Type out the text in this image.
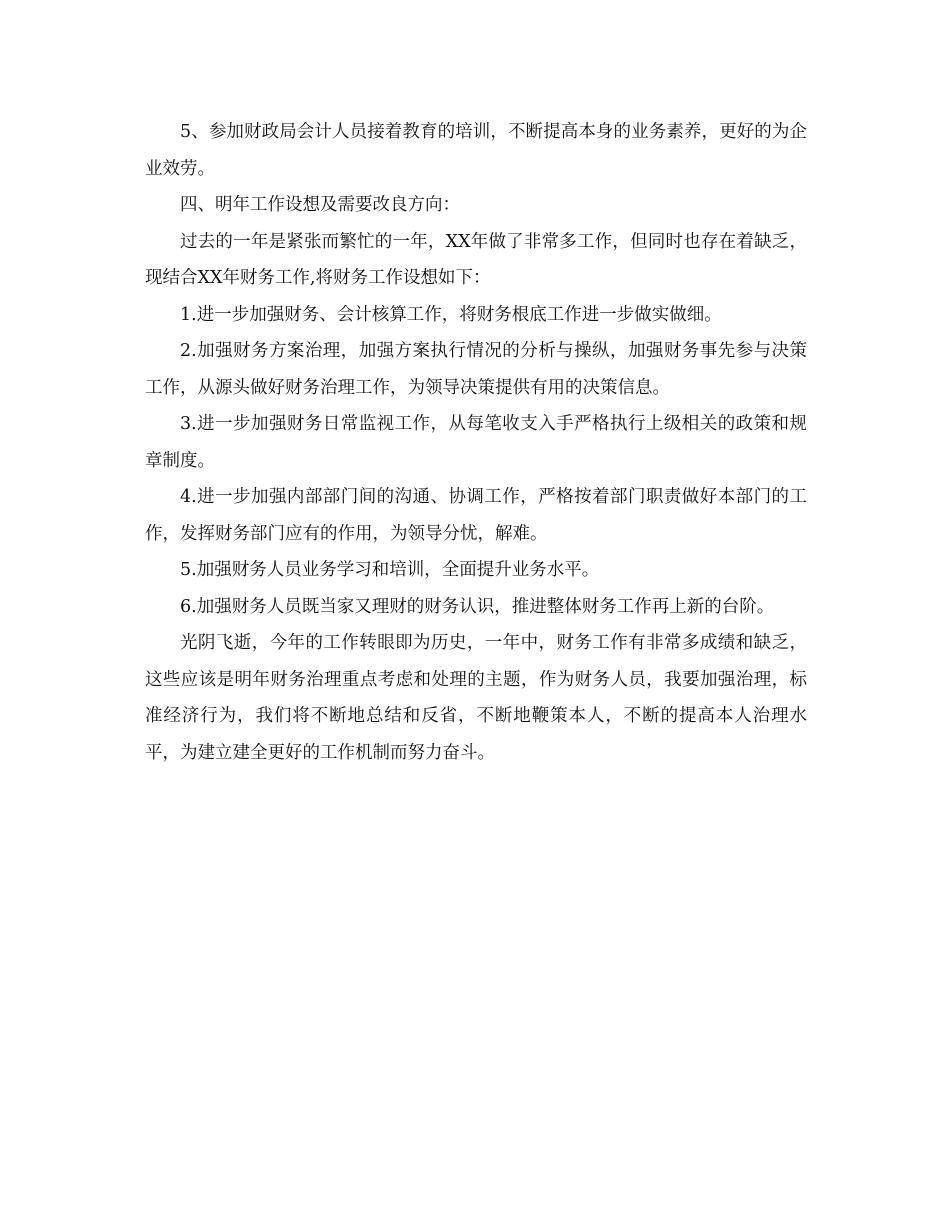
5、参加财政局会计人员接着教育的培训，不断提高本身的业务素养，更好的为企业效劳。

四、明年工作设想及需要改良方向：

过去的一年是紧张而繁忙的一年，XX年做了非常多工作，但同时也存在着缺乏，现结合XX年财务工作,将财务工作设想如下：

1.进一步加强财务、会计核算工作，将财务根底工作进一步做实做细。

2.加强财务方案治理，加强方案执行情况的分析与操纵，加强财务事先参与决策工作，从源头做好财务治理工作，为领导决策提供有用的决策信息。

3.进一步加强财务日常监视工作，从每笔收支入手严格执行上级相关的政策和规章制度。

4.进一步加强内部部门间的沟通、协调工作，严格按着部门职责做好本部门的工作，发挥财务部门应有的作用，为领导分忧，解难。

5.加强财务人员业务学习和培训，全面提升业务水平。

6.加强财务人员既当家又理财的财务认识，推进整体财务工作再上新的台阶。

光阴飞逝，今年的工作转眼即为历史，一年中，财务工作有非常多成绩和缺乏，这些应该是明年财务治理重点考虑和处理的主题，作为财务人员，我要加强治理，标准经济行为，我们将不断地总结和反省，不断地鞭策本人，不断的提高本人治理水平，为建立建全更好的工作机制而努力奋斗。
